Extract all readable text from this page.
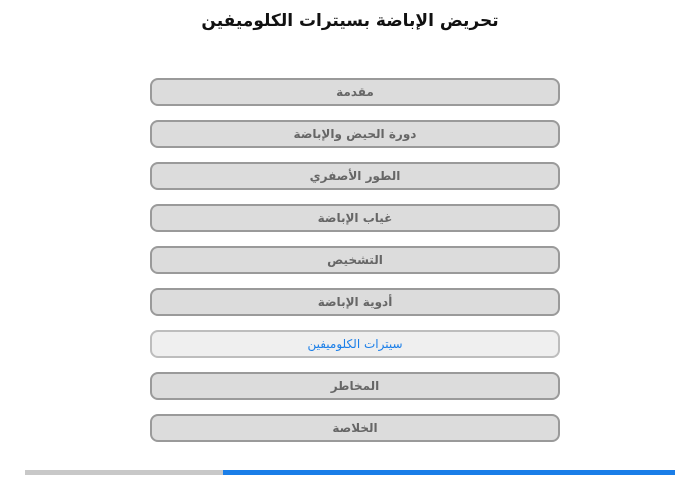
تحريض الإباضة بسيترات الكلوميفين
مقدمة
دورة الحيض والإباضة
الطور الأصفري
غياب الإباضة
التشخيص
أدوية الإباضة
سيترات الكلوميفين
المخاطر
الخلاصة
